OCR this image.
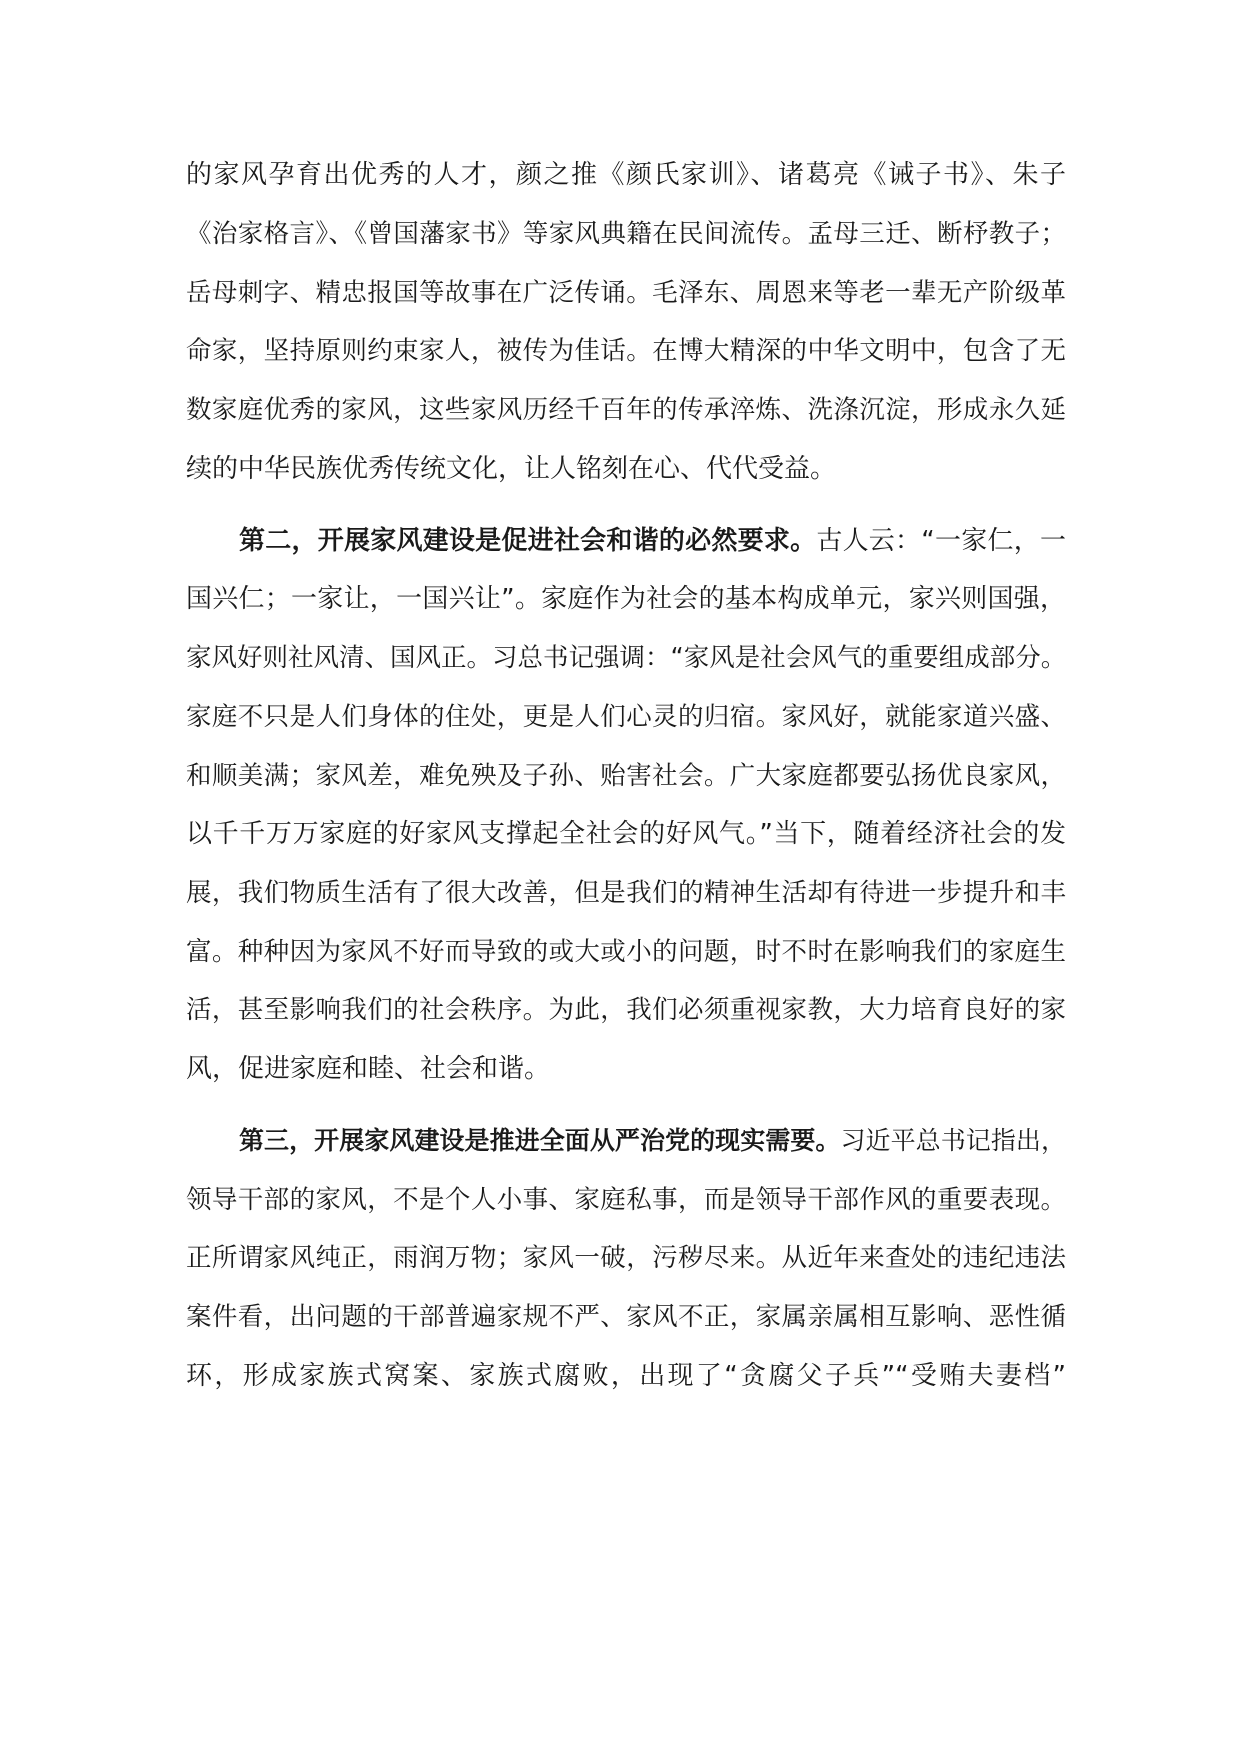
的家风孕育出优秀的人才，颜之推《颜氏家训》、诸葛亮《诫子书》、朱子
《治家格言》、《曾国藩家书》等家风典籍在民间流传。孟母三迁、断杼教子；
岳母刺字、精忠报国等故事在广泛传诵。毛泽东、周恩来等老一辈无产阶级革
命家，坚持原则约束家人，被传为佳话。在博大精深的中华文明中，包含了无
数家庭优秀的家风，这些家风历经千百年的传承淬炼、洗涤沉淀，形成永久延
续的中华民族优秀传统文化，让人铭刻在心、代代受益。
第二，开展家风建设是促进社会和谐的必然要求。古人云：“一家仁，一
国兴仁；一家让，一国兴让”。家庭作为社会的基本构成单元，家兴则国强，
家风好则社风清、国风正。习总书记强调：“家风是社会风气的重要组成部分。
家庭不只是人们身体的住处，更是人们心灵的归宿。家风好，就能家道兴盛、
和顺美满；家风差，难免殃及子孙、贻害社会。广大家庭都要弘扬优良家风，
以千千万万家庭的好家风支撑起全社会的好风气。”当下，随着经济社会的发
展，我们物质生活有了很大改善，但是我们的精神生活却有待进一步提升和丰
富。种种因为家风不好而导致的或大或小的问题，时不时在影响我们的家庭生
活，甚至影响我们的社会秩序。为此，我们必须重视家教，大力培育良好的家
风，促进家庭和睦、社会和谐。
第三，开展家风建设是推进全面从严治党的现实需要。习近平总书记指出，
领导干部的家风，不是个人小事、家庭私事，而是领导干部作风的重要表现。
正所谓家风纯正，雨润万物；家风一破，污秽尽来。从近年来查处的违纪违法
案件看，出问题的干部普遍家规不严、家风不正，家属亲属相互影响、恶性循
环，形成家族式窝案、家族式腐败，出现了“贪腐父子兵”“受贿夫妻档”
